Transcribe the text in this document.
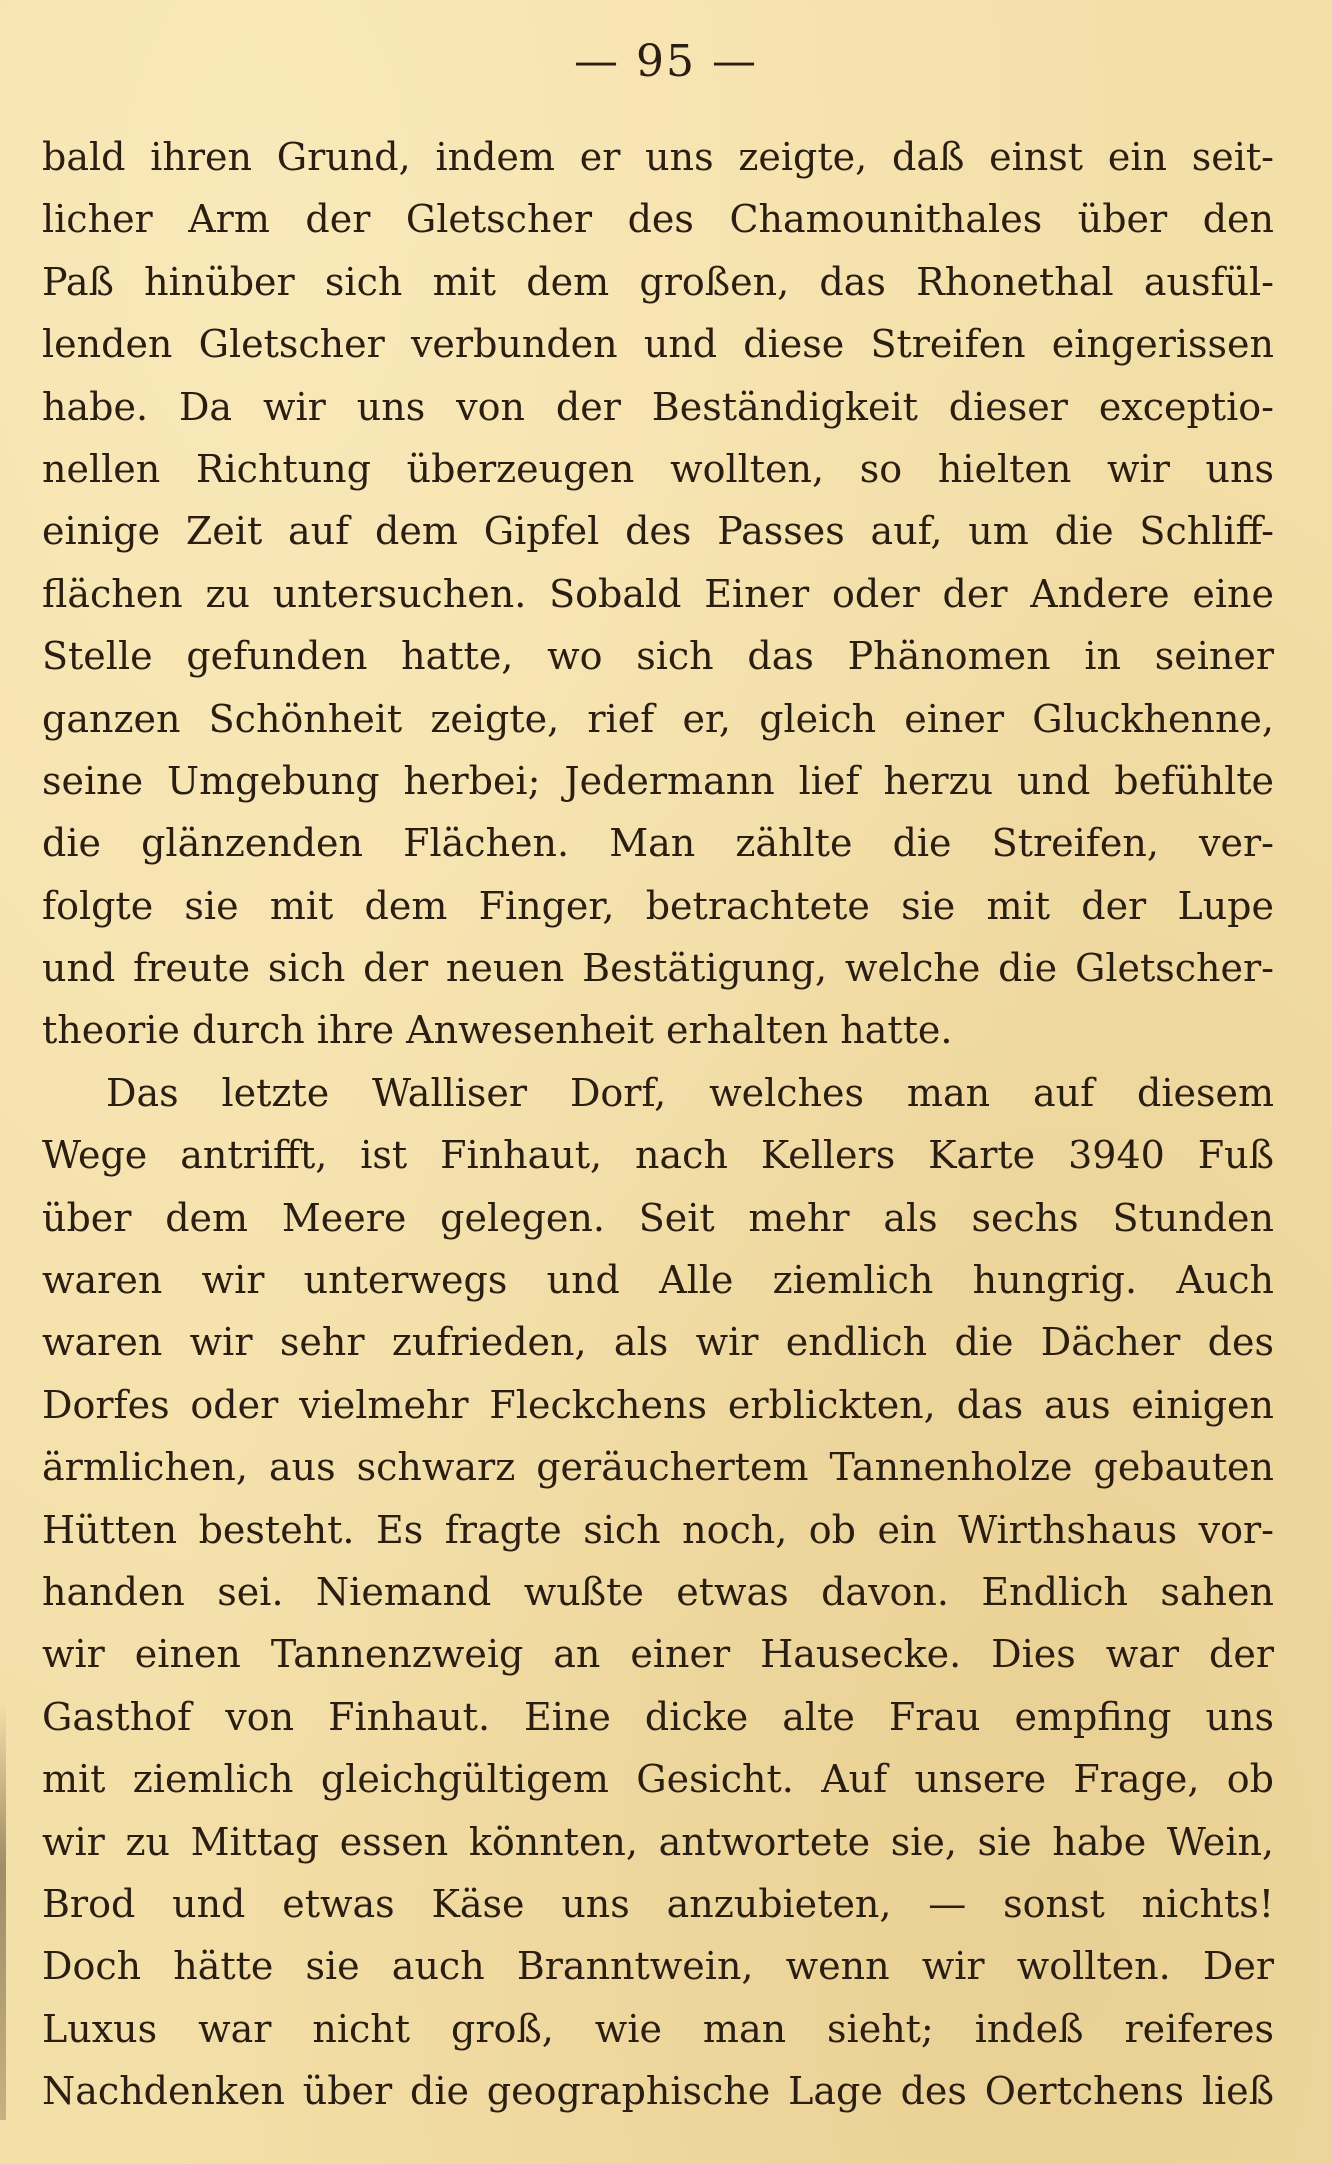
— 95 —
bald ihren Grund, indem er uns zeigte, daß einst ein seit-
licher Arm der Gletscher des Chamounithales über den
Paß hinüber sich mit dem großen, das Rhonethal ausfül-
lenden Gletscher verbunden und diese Streifen eingerissen
habe. Da wir uns von der Beständigkeit dieser exceptio-
nellen Richtung überzeugen wollten, so hielten wir uns
einige Zeit auf dem Gipfel des Passes auf, um die Schliff-
flächen zu untersuchen. Sobald Einer oder der Andere eine
Stelle gefunden hatte, wo sich das Phänomen in seiner
ganzen Schönheit zeigte, rief er, gleich einer Gluckhenne,
seine Umgebung herbei; Jedermann lief herzu und befühlte
die glänzenden Flächen. Man zählte die Streifen, ver-
folgte sie mit dem Finger, betrachtete sie mit der Lupe
und freute sich der neuen Bestätigung, welche die Gletscher-
theorie durch ihre Anwesenheit erhalten hatte.
Das letzte Walliser Dorf, welches man auf diesem
Wege antrifft, ist Finhaut, nach Kellers Karte 3940 Fuß
über dem Meere gelegen. Seit mehr als sechs Stunden
waren wir unterwegs und Alle ziemlich hungrig. Auch
waren wir sehr zufrieden, als wir endlich die Dächer des
Dorfes oder vielmehr Fleckchens erblickten, das aus einigen
ärmlichen, aus schwarz geräuchertem Tannenholze gebauten
Hütten besteht. Es fragte sich noch, ob ein Wirthshaus vor-
handen sei. Niemand wußte etwas davon. Endlich sahen
wir einen Tannenzweig an einer Hausecke. Dies war der
Gasthof von Finhaut. Eine dicke alte Frau empfing uns
mit ziemlich gleichgültigem Gesicht. Auf unsere Frage, ob
wir zu Mittag essen könnten, antwortete sie, sie habe Wein,
Brod und etwas Käse uns anzubieten, — sonst nichts!
Doch hätte sie auch Branntwein, wenn wir wollten. Der
Luxus war nicht groß, wie man sieht; indeß reiferes
Nachdenken über die geographische Lage des Oertchens ließ
